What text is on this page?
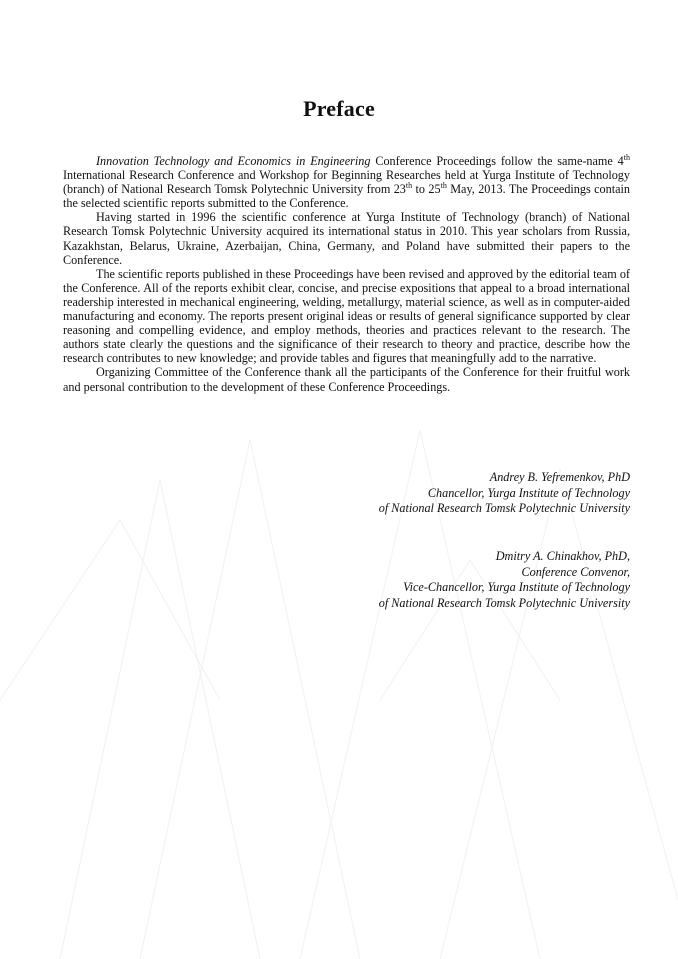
Preface

Innovation Technology and Economics in Engineering Conference Proceedings follow the same-name 4th International Research Conference and Workshop for Beginning Researches held at Yurga Institute of Technology (branch) of National Research Tomsk Polytechnic University from 23th to 25th May, 2013. The Proceedings contain the selected scientific reports submitted to the Conference.

Having started in 1996 the scientific conference at Yurga Institute of Technology (branch) of National Research Tomsk Polytechnic University acquired its international status in 2010. This year scholars from Russia, Kazakhstan, Belarus, Ukraine, Azerbaijan, China, Germany, and Poland have submitted their papers to the Conference.

The scientific reports published in these Proceedings have been revised and approved by the editorial team of the Conference. All of the reports exhibit clear, concise, and precise expositions that appeal to a broad international readership interested in mechanical engineering, welding, metallurgy, material science, as well as in computer-aided manufacturing and economy. The reports present original ideas or results of general significance supported by clear reasoning and compelling evidence, and employ methods, theories and practices relevant to the research. The authors state clearly the questions and the significance of their research to theory and practice, describe how the research contributes to new knowledge; and provide tables and figures that meaningfully add to the narrative.

Organizing Committee of the Conference thank all the participants of the Conference for their fruitful work and personal contribution to the development of these Conference Proceedings.

Andrey B. Yefremenkov, PhD
Chancellor, Yurga Institute of Technology
of National Research Tomsk Polytechnic University
Dmitry A. Chinakhov, PhD,
Conference Convenor,
Vice-Chancellor, Yurga Institute of Technology
of National Research Tomsk Polytechnic University
